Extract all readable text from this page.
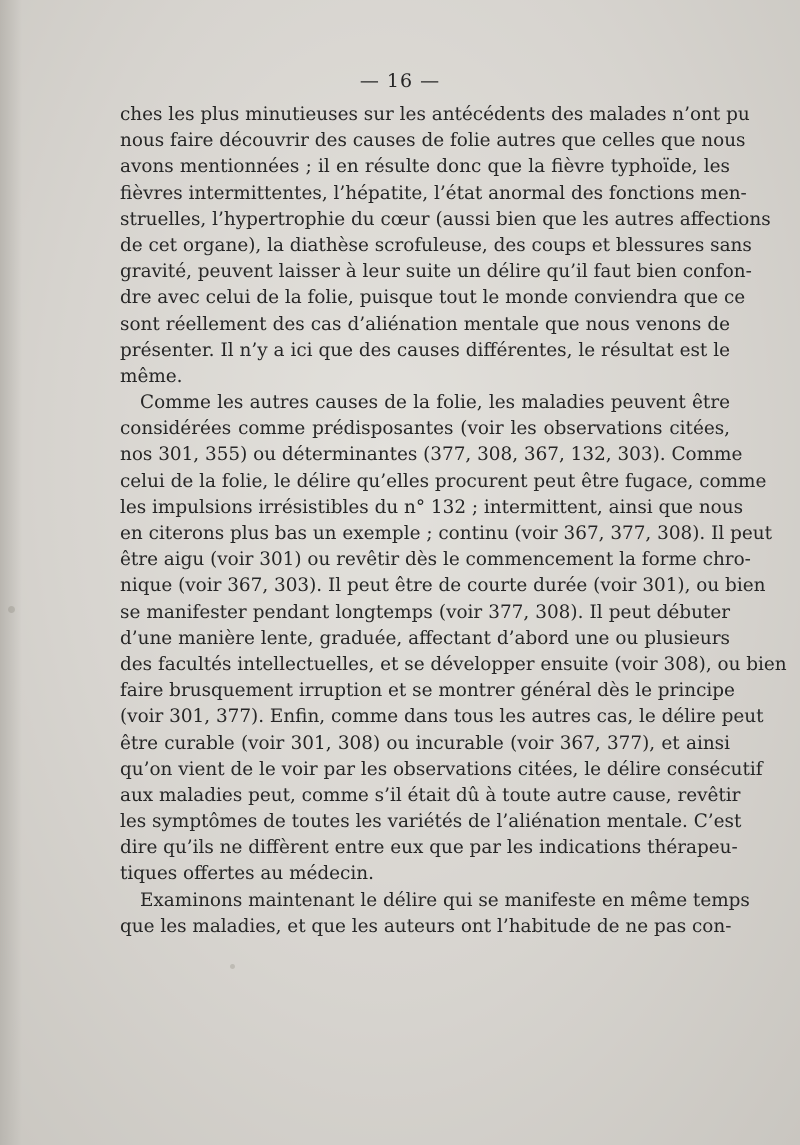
— 16 —
ches les plus minutieuses sur les antécédents des malades n’ont pu
nous faire découvrir des causes de folie autres que celles que nous
avons mentionnées ; il en résulte donc que la fièvre typhoïde, les
fièvres intermittentes, l’hépatite, l’état anormal des fonctions men-
struelles, l’hypertrophie du cœur (aussi bien que les autres affections
de cet organe), la diathèse scrofuleuse, des coups et blessures sans
gravité, peuvent laisser à leur suite un délire qu’il faut bien confon-
dre avec celui de la folie, puisque tout le monde conviendra que ce
sont réellement des cas d’aliénation mentale que nous venons de
présenter. Il n’y a ici que des causes différentes, le résultat est le
même.
Comme les autres causes de la folie, les maladies peuvent être
considérées comme prédisposantes (voir les observations citées,
nos 301, 355) ou déterminantes (377, 308, 367, 132, 303). Comme
celui de la folie, le délire qu’elles procurent peut être fugace, comme
les impulsions irrésistibles du n° 132 ; intermittent, ainsi que nous
en citerons plus bas un exemple ; continu (voir 367, 377, 308). Il peut
être aigu (voir 301) ou revêtir dès le commencement la forme chro-
nique (voir 367, 303). Il peut être de courte durée (voir 301), ou bien
se manifester pendant longtemps (voir 377, 308). Il peut débuter
d’une manière lente, graduée, affectant d’abord une ou plusieurs
des facultés intellectuelles, et se développer ensuite (voir 308), ou bien
faire brusquement irruption et se montrer général dès le principe
(voir 301, 377). Enfin, comme dans tous les autres cas, le délire peut
être curable (voir 301, 308) ou incurable (voir 367, 377), et ainsi
qu’on vient de le voir par les observations citées, le délire consécutif
aux maladies peut, comme s’il était dû à toute autre cause, revêtir
les symptômes de toutes les variétés de l’aliénation mentale. C’est
dire qu’ils ne diffèrent entre eux que par les indications thérapeu-
tiques offertes au médecin.
Examinons maintenant le délire qui se manifeste en même temps
que les maladies, et que les auteurs ont l’habitude de ne pas con-
